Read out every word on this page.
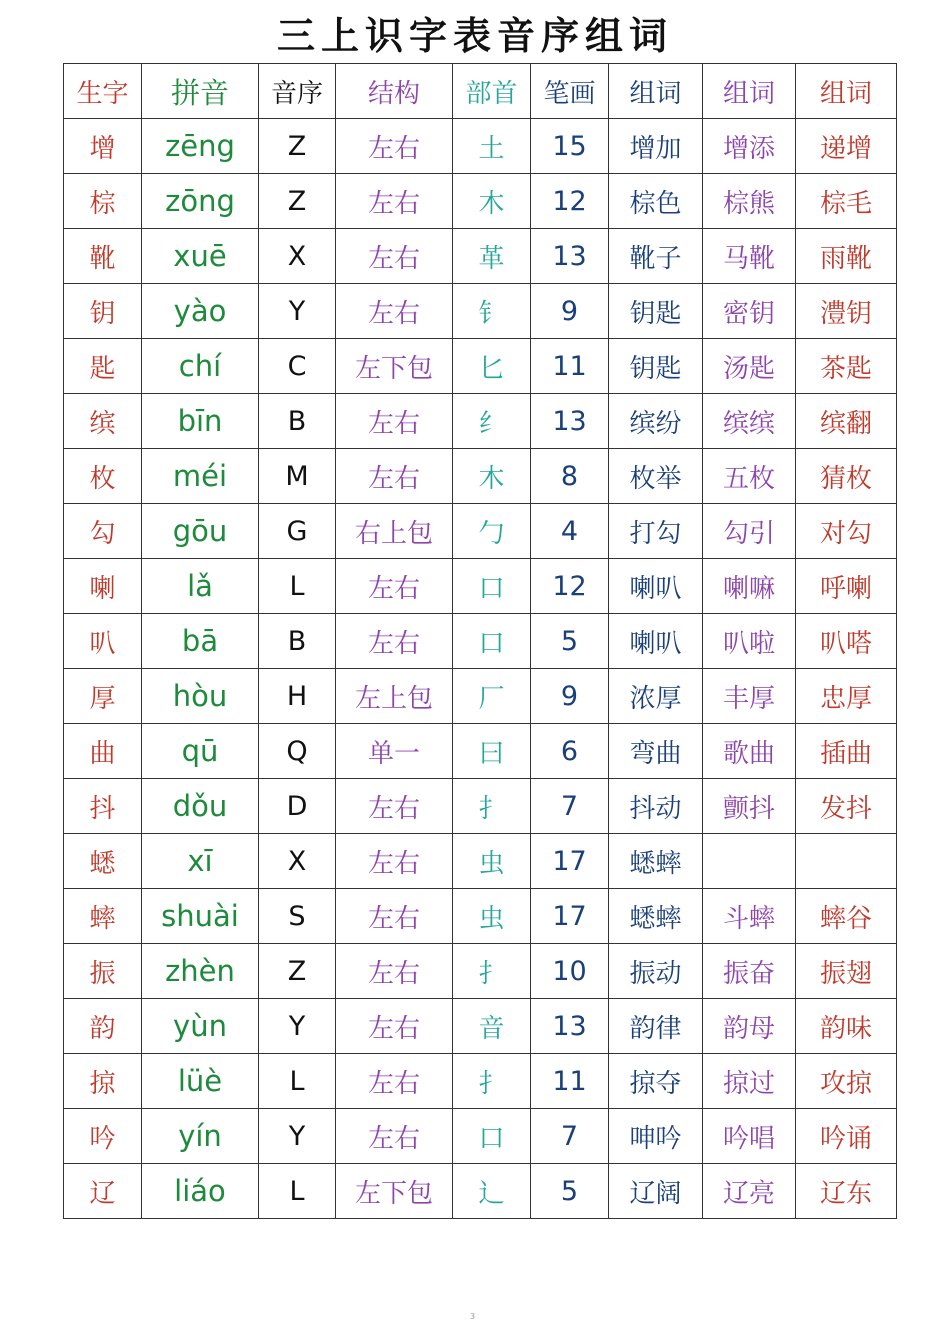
三上识字表音序组词
生字	拼音	音序	结构	部首	笔画	组词	组词	组词
增	zēng	Z	左右	土	15	增加	增添	递增
棕	zōng	Z	左右	木	12	棕色	棕熊	棕毛
靴	xuē	X	左右	革	13	靴子	马靴	雨靴
钥	yào	Y	左右	钅	9	钥匙	密钥	澧钥
匙	chí	C	左下包	匕	11	钥匙	汤匙	茶匙
缤	bīn	B	左右	纟	13	缤纷	缤缤	缤翻
枚	méi	M	左右	木	8	枚举	五枚	猜枚
勾	gōu	G	右上包	勹	4	打勾	勾引	对勾
喇	lǎ	L	左右	口	12	喇叭	喇嘛	呼喇
叭	bā	B	左右	口	5	喇叭	叭啦	叭嗒
厚	hòu	H	左上包	厂	9	浓厚	丰厚	忠厚
曲	qū	Q	单一	曰	6	弯曲	歌曲	插曲
抖	dǒu	D	左右	扌	7	抖动	颤抖	发抖
蟋	xī	X	左右	虫	17	蟋蟀		
蟀	shuài	S	左右	虫	17	蟋蟀	斗蟀	蟀谷
振	zhèn	Z	左右	扌	10	振动	振奋	振翅
韵	yùn	Y	左右	音	13	韵律	韵母	韵味
掠	lüè	L	左右	扌	11	掠夺	掠过	攻掠
吟	yín	Y	左右	口	7	呻吟	吟唱	吟诵
辽	liáo	L	左下包	辶	5	辽阔	辽亮	辽东
3
